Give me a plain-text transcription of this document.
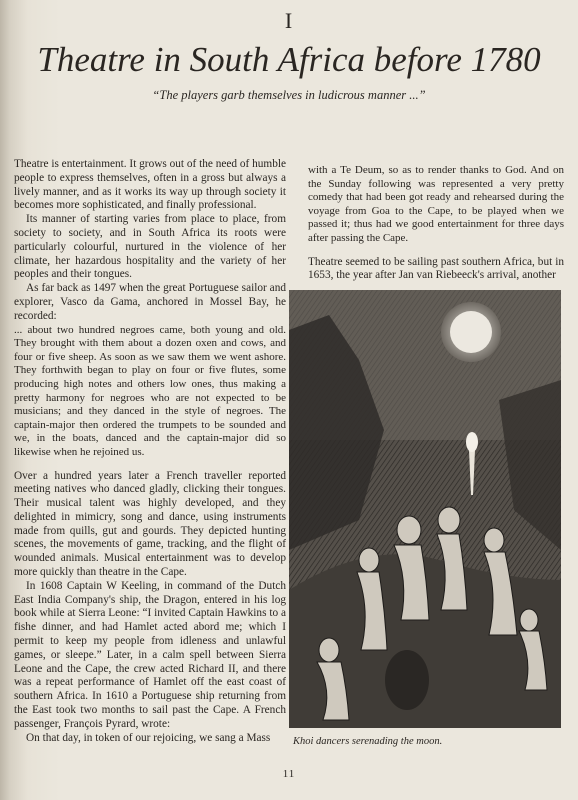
I
Theatre in South Africa before 1780
“The players garb themselves in ludicrous manner ...”

Theatre is entertainment. It grows out of the need of humble people to express themselves, often in a gross but always a lively manner, and as it works its way up through society it becomes more sophisticated, and finally professional.

Its manner of starting varies from place to place, from society to society, and in South Africa its roots were particularly colourful, nurtured in the violence of her climate, her hazardous hospitality and the variety of her peoples and their tongues.

As far back as 1497 when the great Portuguese sailor and explorer, Vasco da Gama, anchored in Mossel Bay, he recorded:

... about two hundred negroes came, both young and old. They brought with them about a dozen oxen and cows, and four or five sheep. As soon as we saw them we went ashore. They forthwith began to play on four or five flutes, some producing high notes and others low ones, thus making a pretty harmony for negroes who are not expected to be musicians; and they danced in the style of negroes. The captain-major then ordered the trumpets to be sounded and we, in the boats, danced and the captain-major did so likewise when he rejoined us.

Over a hundred years later a French traveller reported meeting natives who danced gladly, clicking their tongues. Their musical talent was highly developed, and they delighted in mimicry, song and dance, using instruments made from quills, gut and gourds. They depicted hunting scenes, the movements of game, tracking, and the flight of wounded animals. Musical entertainment was to develop more quickly than theatre in the Cape.

In 1608 Captain W Keeling, in command of the Dutch East India Company's ship, the Dragon, entered in his log book while at Sierra Leone: “I invited Captain Hawkins to a fishe dinner, and had Hamlet acted abord me; which I permit to keep my people from idleness and unlawful games, or sleepe.” Later, in a calm spell between Sierra Leone and the Cape, the crew acted Richard II, and there was a repeat performance of Hamlet off the east coast of southern Africa. In 1610 a Portuguese ship returning from the East took two months to sail past the Cape. A French passenger, François Pyrard, wrote:

On that day, in token of our rejoicing, we sang a Mass

with a Te Deum, so as to render thanks to God. And on the Sunday following was represented a very pretty comedy that had been got ready and rehearsed during the voyage from Goa to the Cape, to be played when we passed it; thus had we good entertainment for three days after passing the Cape.

Theatre seemed to be sailing past southern Africa, but in 1653, the year after Jan van Riebeeck's arrival, another

Khoi dancers serenading the moon.
11
